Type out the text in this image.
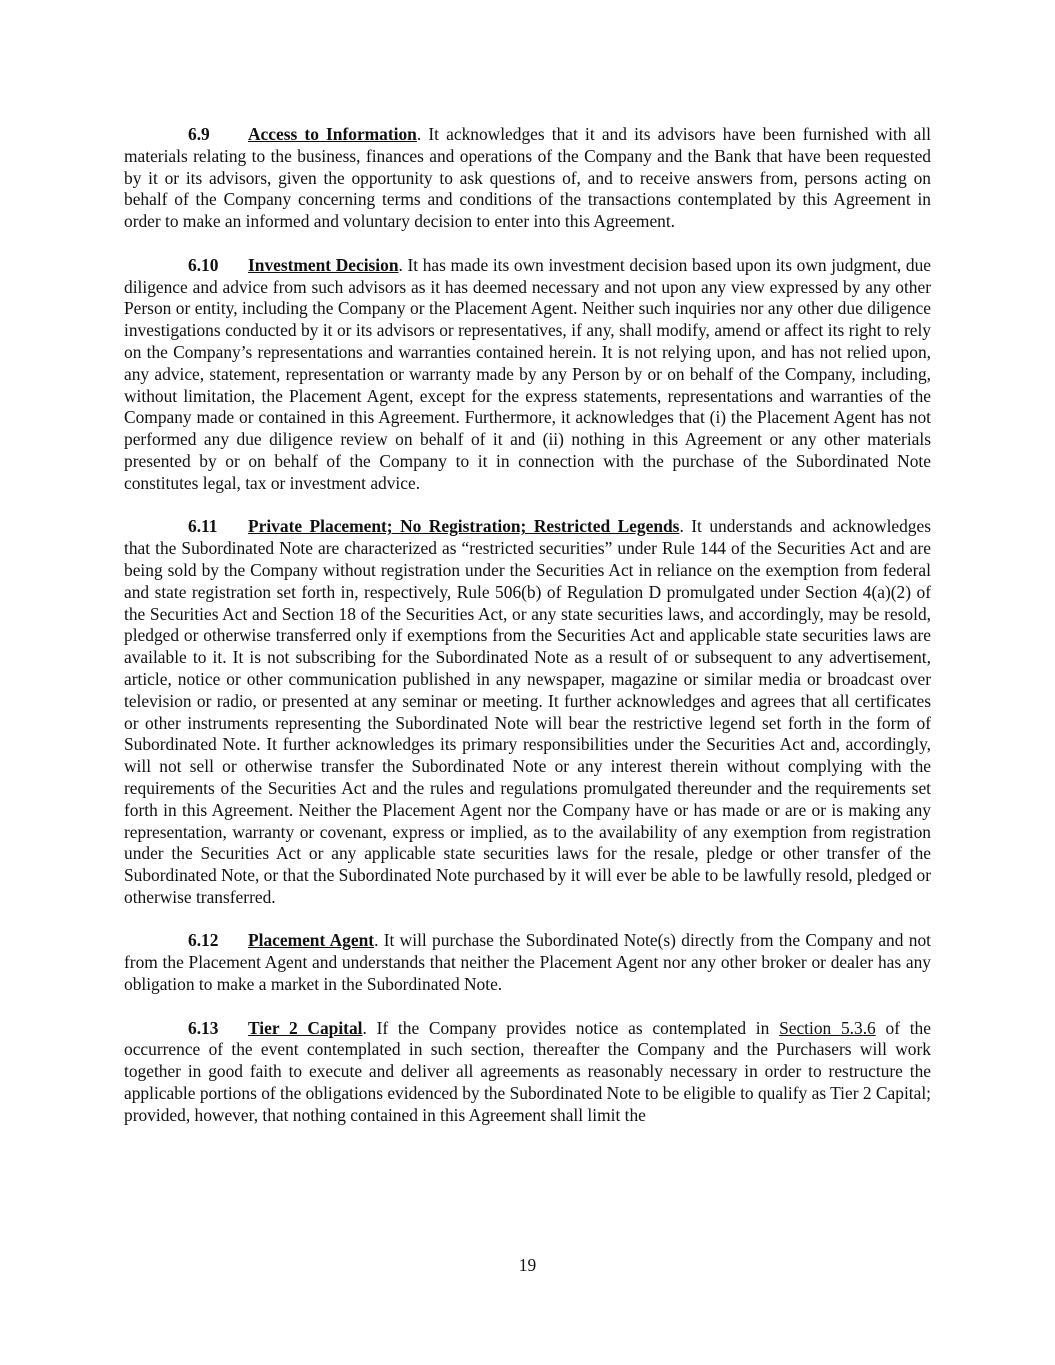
6.9 Access to Information. It acknowledges that it and its advisors have been furnished with all materials relating to the business, finances and operations of the Company and the Bank that have been requested by it or its advisors, given the opportunity to ask questions of, and to receive answers from, persons acting on behalf of the Company concerning terms and conditions of the transactions contemplated by this Agreement in order to make an informed and voluntary decision to enter into this Agreement.

6.10 Investment Decision. It has made its own investment decision based upon its own judgment, due diligence and advice from such advisors as it has deemed necessary and not upon any view expressed by any other Person or entity, including the Company or the Placement Agent. Neither such inquiries nor any other due diligence investigations conducted by it or its advisors or representatives, if any, shall modify, amend or affect its right to rely on the Company’s representations and warranties contained herein. It is not relying upon, and has not relied upon, any advice, statement, representation or warranty made by any Person by or on behalf of the Company, including, without limitation, the Placement Agent, except for the express statements, representations and warranties of the Company made or contained in this Agreement. Furthermore, it acknowledges that (i) the Placement Agent has not performed any due diligence review on behalf of it and (ii) nothing in this Agreement or any other materials presented by or on behalf of the Company to it in connection with the purchase of the Subordinated Note constitutes legal, tax or investment advice.

6.11 Private Placement; No Registration; Restricted Legends. It understands and acknowledges that the Subordinated Note are characterized as “restricted securities” under Rule 144 of the Securities Act and are being sold by the Company without registration under the Securities Act in reliance on the exemption from federal and state registration set forth in, respectively, Rule 506(b) of Regulation D promulgated under Section 4(a)(2) of the Securities Act and Section 18 of the Securities Act, or any state securities laws, and accordingly, may be resold, pledged or otherwise transferred only if exemptions from the Securities Act and applicable state securities laws are available to it. It is not subscribing for the Subordinated Note as a result of or subsequent to any advertisement, article, notice or other communication published in any newspaper, magazine or similar media or broadcast over television or radio, or presented at any seminar or meeting. It further acknowledges and agrees that all certificates or other instruments representing the Subordinated Note will bear the restrictive legend set forth in the form of Subordinated Note. It further acknowledges its primary responsibilities under the Securities Act and, accordingly, will not sell or otherwise transfer the Subordinated Note or any interest therein without complying with the requirements of the Securities Act and the rules and regulations promulgated thereunder and the requirements set forth in this Agreement. Neither the Placement Agent nor the Company have or has made or are or is making any representation, warranty or covenant, express or implied, as to the availability of any exemption from registration under the Securities Act or any applicable state securities laws for the resale, pledge or other transfer of the Subordinated Note, or that the Subordinated Note purchased by it will ever be able to be lawfully resold, pledged or otherwise transferred.

6.12 Placement Agent. It will purchase the Subordinated Note(s) directly from the Company and not from the Placement Agent and understands that neither the Placement Agent nor any other broker or dealer has any obligation to make a market in the Subordinated Note.

6.13 Tier 2 Capital. If the Company provides notice as contemplated in Section 5.3.6 of the occurrence of the event contemplated in such section, thereafter the Company and the Purchasers will work together in good faith to execute and deliver all agreements as reasonably necessary in order to restructure the applicable portions of the obligations evidenced by the Subordinated Note to be eligible to qualify as Tier 2 Capital; provided, however, that nothing contained in this Agreement shall limit the

19
